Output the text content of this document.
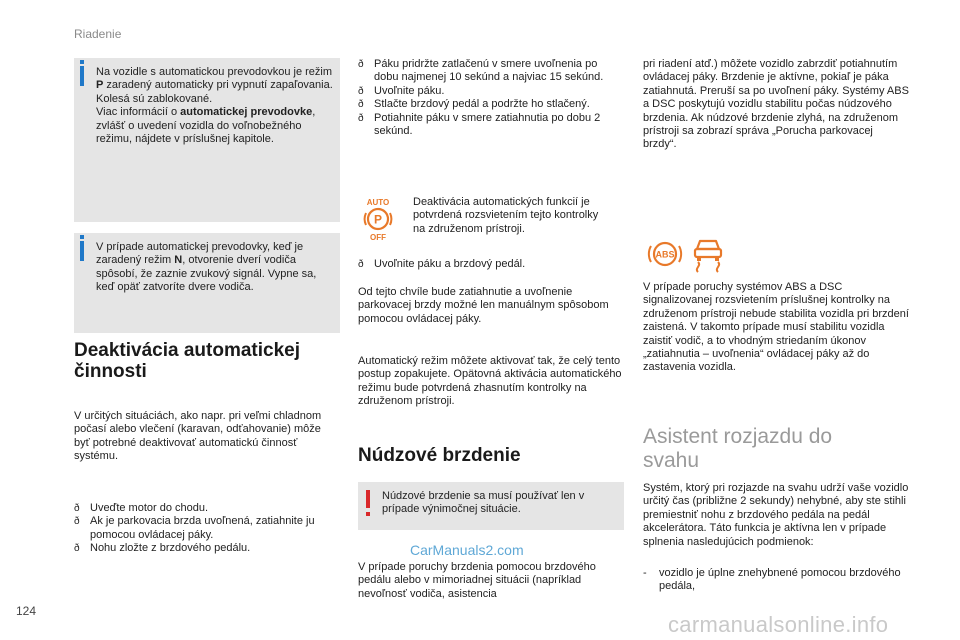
Riadenie
124

Na vozidle s automatickou prevodovkou je režim P zaradený automaticky pri vypnutí zapaľovania. Kolesá sú zablokované.

Viac informácií o automatickej prevodovke, zvlášť o uvedení vozidla do voľnobežného režimu, nájdete v príslušnej kapitole.

V prípade automatickej prevodovky, keď je zaradený režim N, otvorenie dverí vodiča spôsobí, že zaznie zvukový signál. Vypne sa, keď opäť zatvoríte dvere vodiča.

Deaktivácia automatickej činnosti

V určitých situáciách, ako napr. pri veľmi chladnom počasí alebo vlečení (karavan, odťahovanie) môže byť potrebné deaktivovať automatickú činnosť systému.

ð Uveďte motor do chodu.
ð Ak je parkovacia brzda uvoľnená, zatiahnite ju pomocou ovládacej páky.
ð Nohu zložte z brzdového pedálu.
ð Páku pridržte zatlačenú v smere uvoľnenia po dobu najmenej 10 sekúnd a najviac 15 sekúnd.
ð Uvoľnite páku.
ð Stlačte brzdový pedál a podržte ho stlačený.
ð Potiahnite páku v smere zatiahnutia po dobu 2 sekúnd.
AUTO
P
OFF

Deaktivácia automatických funkcií je potvrdená rozsvietením tejto kontrolky na združenom prístroji.

ð Uvoľnite páku a brzdový pedál.

Od tejto chvíle bude zatiahnutie a uvoľnenie parkovacej brzdy možné len manuálnym spôsobom pomocou ovládacej páky.

Automatický režim môžete aktivovať tak, že celý tento postup zopakujete. Opätovná aktivácia automatického režimu bude potvrdená zhasnutím kontrolky na združenom prístroji.

Núdzové brzdenie

Núdzové brzdenie sa musí používať len v prípade výnimočnej situácie.

V prípade poruchy brzdenia pomocou brzdového pedálu alebo v mimoriadnej situácii (napríklad nevoľnosť vodiča, asistencia

pri riadení atď.) môžete vozidlo zabrzdiť potiahnutím ovládacej páky. Brzdenie je aktívne, pokiaľ je páka zatiahnutá. Preruší sa po uvoľnení páky. Systémy ABS a DSC poskytujú vozidlu stabilitu počas núdzového brzdenia. Ak núdzové brzdenie zlyhá, na združenom prístroji sa zobrazí správa „Porucha parkovacej brzdy“.

ABS

V prípade poruchy systémov ABS a DSC signalizovanej rozsvietením príslušnej kontrolky na združenom prístroji nebude stabilita vozidla pri brzdení zaistená. V takomto prípade musí stabilitu vozidla zaistiť vodič, a to vhodným striedaním úkonov „zatiahnutia – uvoľnenia“ ovládacej páky až do zastavenia vozidla.

Asistent rozjazdu do svahu

Systém, ktorý pri rozjazde na svahu udrží vaše vozidlo určitý čas (približne 2 sekundy) nehybné, aby ste stihli premiestniť nohu z brzdového pedála na pedál akcelerátora. Táto funkcia je aktívna len v prípade splnenia nasledujúcich podmienok:

- vozidlo je úplne znehybnené pomocou brzdového pedála,
CarManuals2.com
carmanualsonline.info
